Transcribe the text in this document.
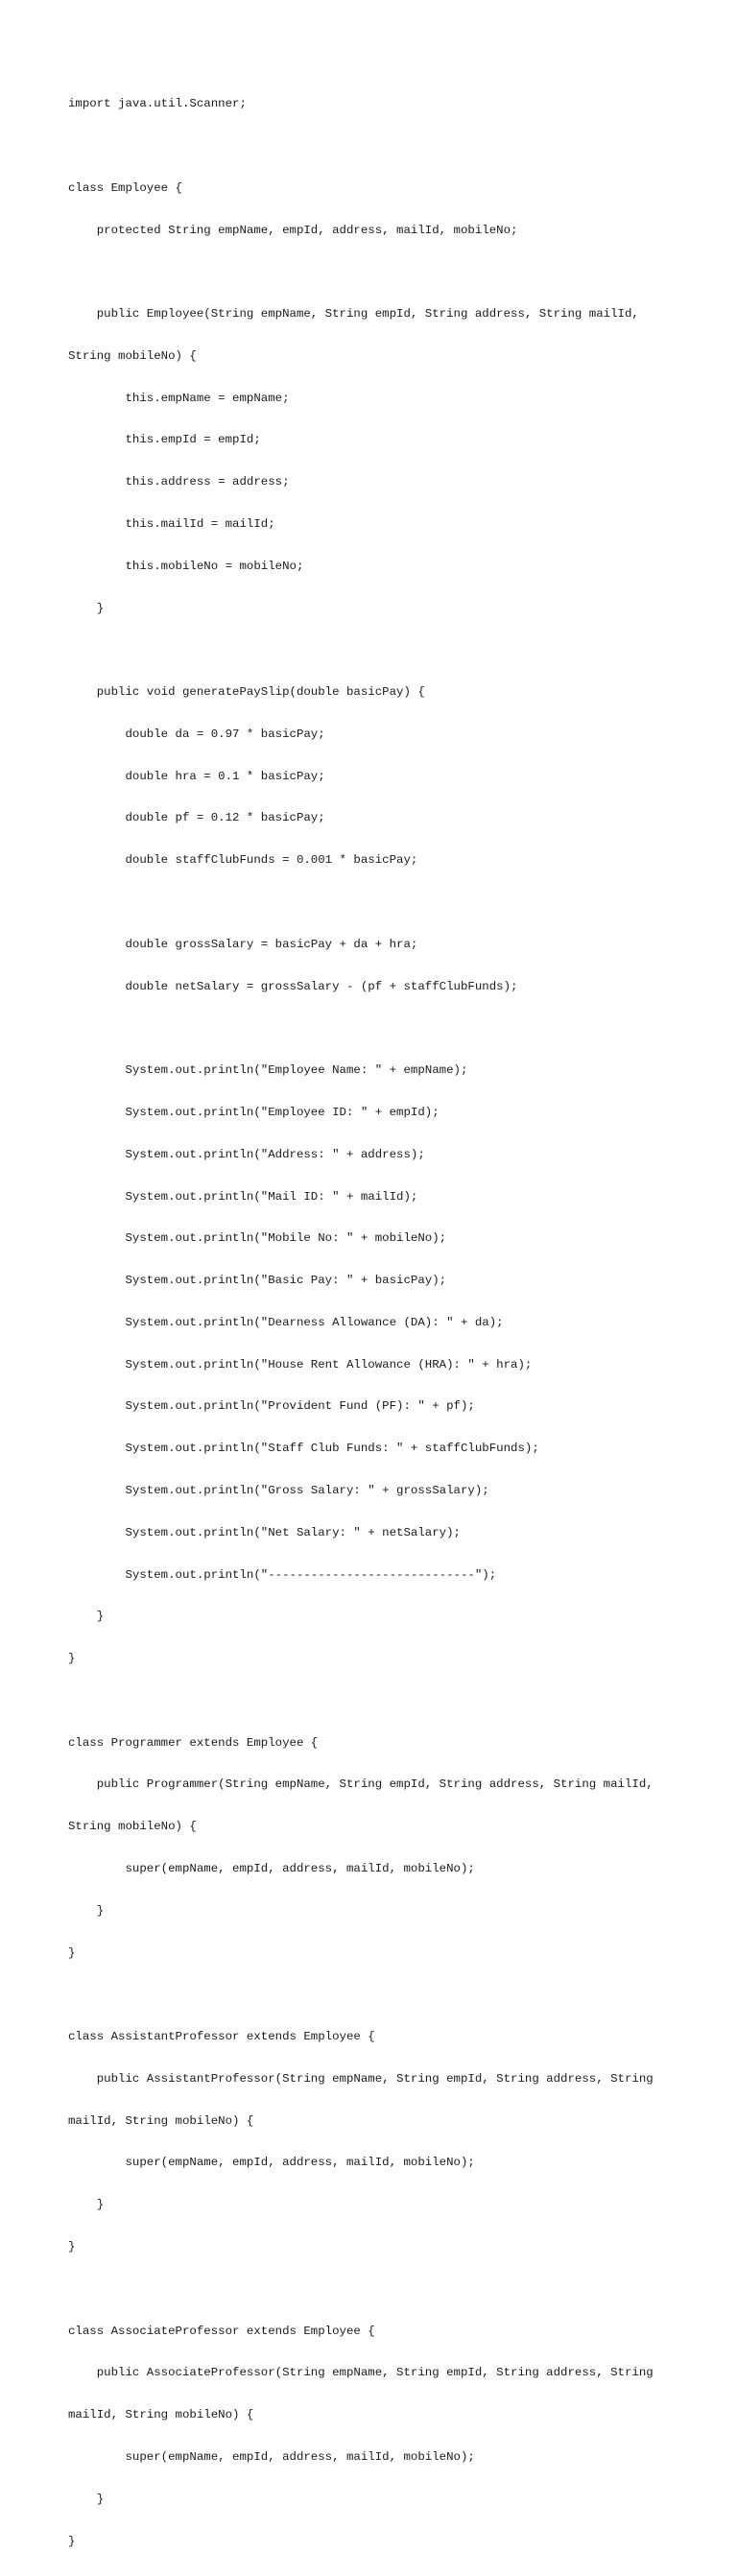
import java.util.Scanner;

class Employee {

protected String empName, empId, address, mailId, mobileNo;

public Employee(String empName, String empId, String address, String mailId,

String mobileNo) {

this.empName = empName;

this.empId = empId;

this.address = address;

this.mailId = mailId;

this.mobileNo = mobileNo;

}

public void generatePaySlip(double basicPay) {

double da = 0.97 * basicPay;

double hra = 0.1 * basicPay;

double pf = 0.12 * basicPay;

double staffClubFunds = 0.001 * basicPay;

double grossSalary = basicPay + da + hra;

double netSalary = grossSalary - (pf + staffClubFunds);

System.out.println("Employee Name: " + empName);

System.out.println("Employee ID: " + empId);

System.out.println("Address: " + address);

System.out.println("Mail ID: " + mailId);

System.out.println("Mobile No: " + mobileNo);

System.out.println("Basic Pay: " + basicPay);

System.out.println("Dearness Allowance (DA): " + da);

System.out.println("House Rent Allowance (HRA): " + hra);

System.out.println("Provident Fund (PF): " + pf);

System.out.println("Staff Club Funds: " + staffClubFunds);

System.out.println("Gross Salary: " + grossSalary);

System.out.println("Net Salary: " + netSalary);

System.out.println("-----------------------------");

}

}

class Programmer extends Employee {

public Programmer(String empName, String empId, String address, String mailId,

String mobileNo) {

super(empName, empId, address, mailId, mobileNo);

}

}

class AssistantProfessor extends Employee {

public AssistantProfessor(String empName, String empId, String address, String

mailId, String mobileNo) {

super(empName, empId, address, mailId, mobileNo);

}

}

class AssociateProfessor extends Employee {

public AssociateProfessor(String empName, String empId, String address, String

mailId, String mobileNo) {

super(empName, empId, address, mailId, mobileNo);

}

}
